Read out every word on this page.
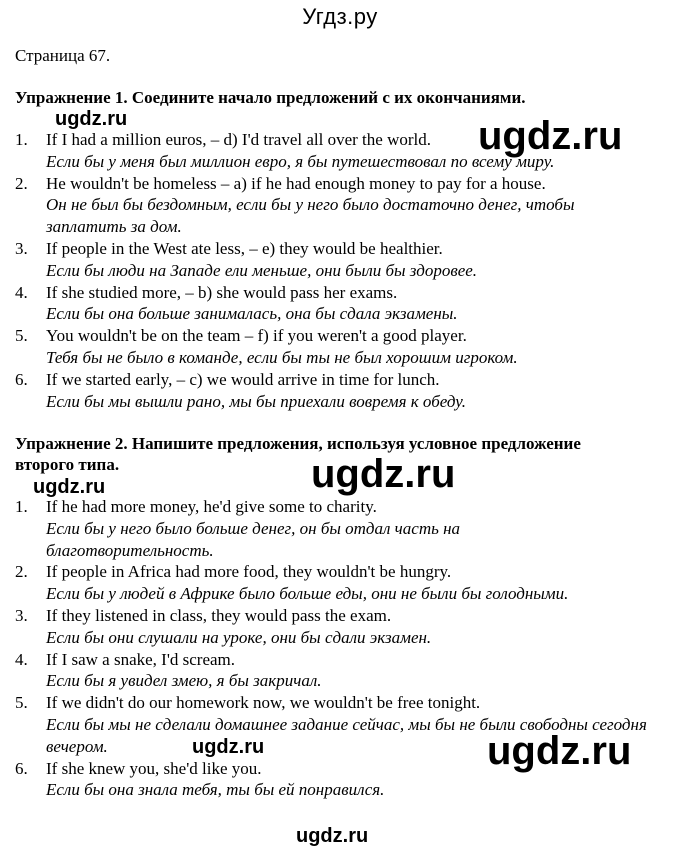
Угдз.ру
Страница 67.
Упражнение 1. Соедините начало предложений с их окончаниями.
1.	If I had a million euros, – d) I'd travel all over the world.
Если бы у меня был миллион евро, я бы путешествовал по всему миру.
2.	He wouldn't be homeless – a) if he had enough money to pay for a house.
Он не был бы бездомным, если бы у него было достаточно денег, чтобы заплатить за дом.
3.	If people in the West ate less, – e) they would be healthier.
Если бы люди на Западе ели меньше, они были бы здоровее.
4.	If she studied more, – b) she would pass her exams.
Если бы она больше занималась, она бы сдала экзамены.
5.	You wouldn't be on the team – f) if you weren't a good player.
Тебя бы не было в команде, если бы ты не был хорошим игроком.
6.	If we started early, – c) we would arrive in time for lunch.
Если бы мы вышли рано, мы бы приехали вовремя к обеду.
Упражнение 2. Напишите предложения, используя условное предложение
второго типа.
1.	If he had more money, he'd give some to charity.
Если бы у него было больше денег, он бы отдал часть на благотворительность.
2.	If people in Africa had more food, they wouldn't be hungry.
Если бы у людей в Африке было больше еды, они не были бы голодными.
3.	If they listened in class, they would pass the exam.
Если бы они слушали на уроке, они бы сдали экзамен.
4.	If I saw a snake, I'd scream.
Если бы я увидел змею, я бы закричал.
5.	If we didn't do our homework now, we wouldn't be free tonight.
Если бы мы не сделали домашнее задание сейчас, мы бы не были свободны сегодня вечером.
6.	If she knew you, she'd like you.
Если бы она знала тебя, ты бы ей понравился.
ugdz.ru	ugdz.ru
ugdz.ru
ugdz.ru
ugdz.ru	ugdz.ru
ugdz.ru
